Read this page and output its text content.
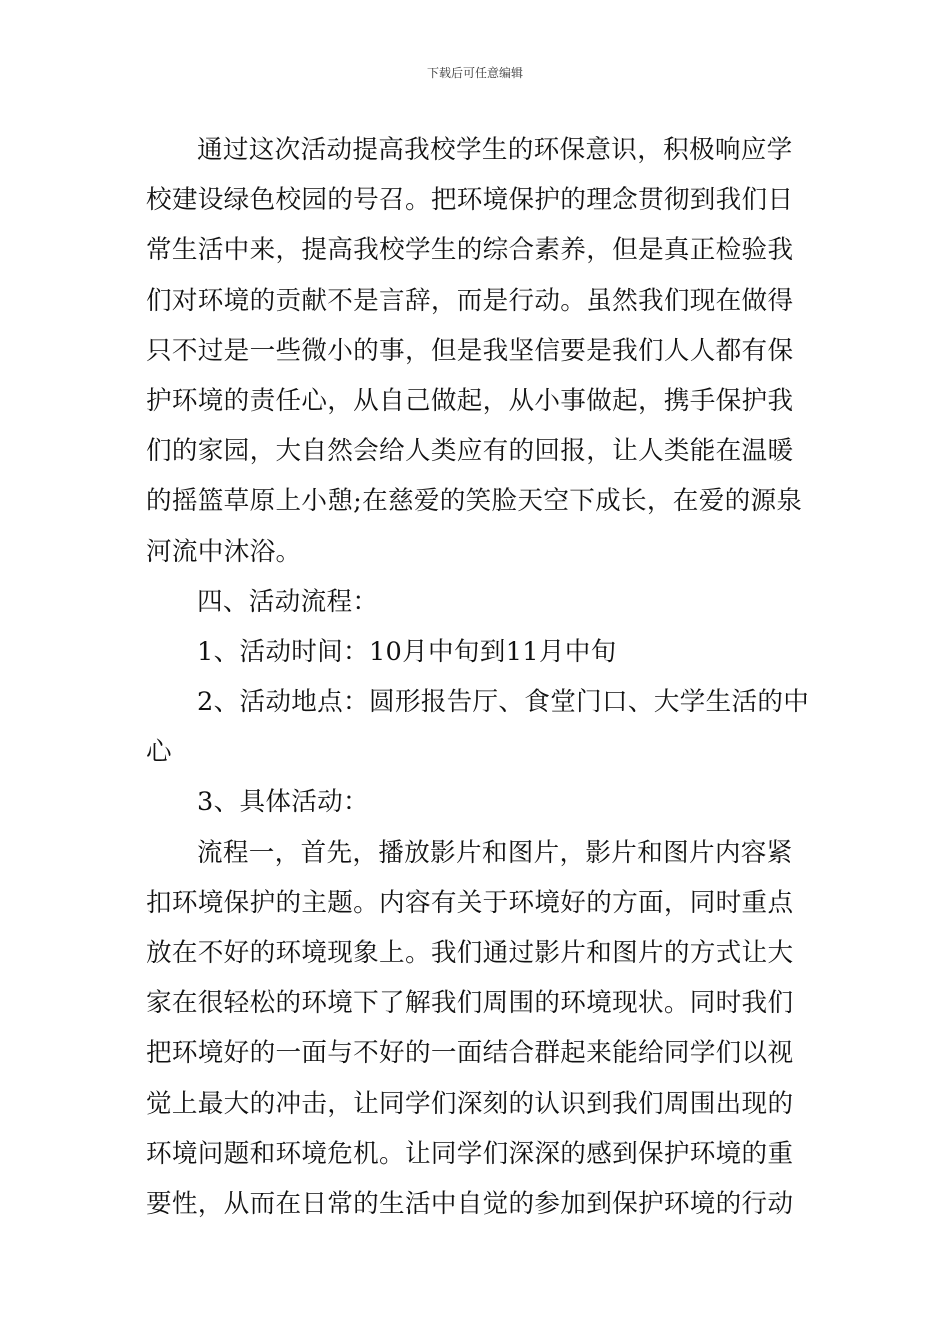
下载后可任意编辑
通过这次活动提高我校学生的环保意识，积极响应学
校建设绿色校园的号召。把环境保护的理念贯彻到我们日
常生活中来，提高我校学生的综合素养，但是真正检验我
们对环境的贡献不是言辞，而是行动。虽然我们现在做得
只不过是一些微小的事，但是我坚信要是我们人人都有保
护环境的责任心，从自己做起，从小事做起，携手保护我
们的家园，大自然会给人类应有的回报，让人类能在温暖
的摇篮草原上小憩;在慈爱的笑脸天空下成长，在爱的源泉
河流中沐浴。
四、活动流程：
1、活动时间：10月中旬到11月中旬
2、活动地点：圆形报告厅、食堂门口、大学生活的中
心
3、具体活动：
流程一，首先，播放影片和图片，影片和图片内容紧
扣环境保护的主题。内容有关于环境好的方面，同时重点
放在不好的环境现象上。我们通过影片和图片的方式让大
家在很轻松的环境下了解我们周围的环境现状。同时我们
把环境好的一面与不好的一面结合群起来能给同学们以视
觉上最大的冲击，让同学们深刻的认识到我们周围出现的
环境问题和环境危机。让同学们深深的感到保护环境的重
要性，从而在日常的生活中自觉的参加到保护环境的行动
